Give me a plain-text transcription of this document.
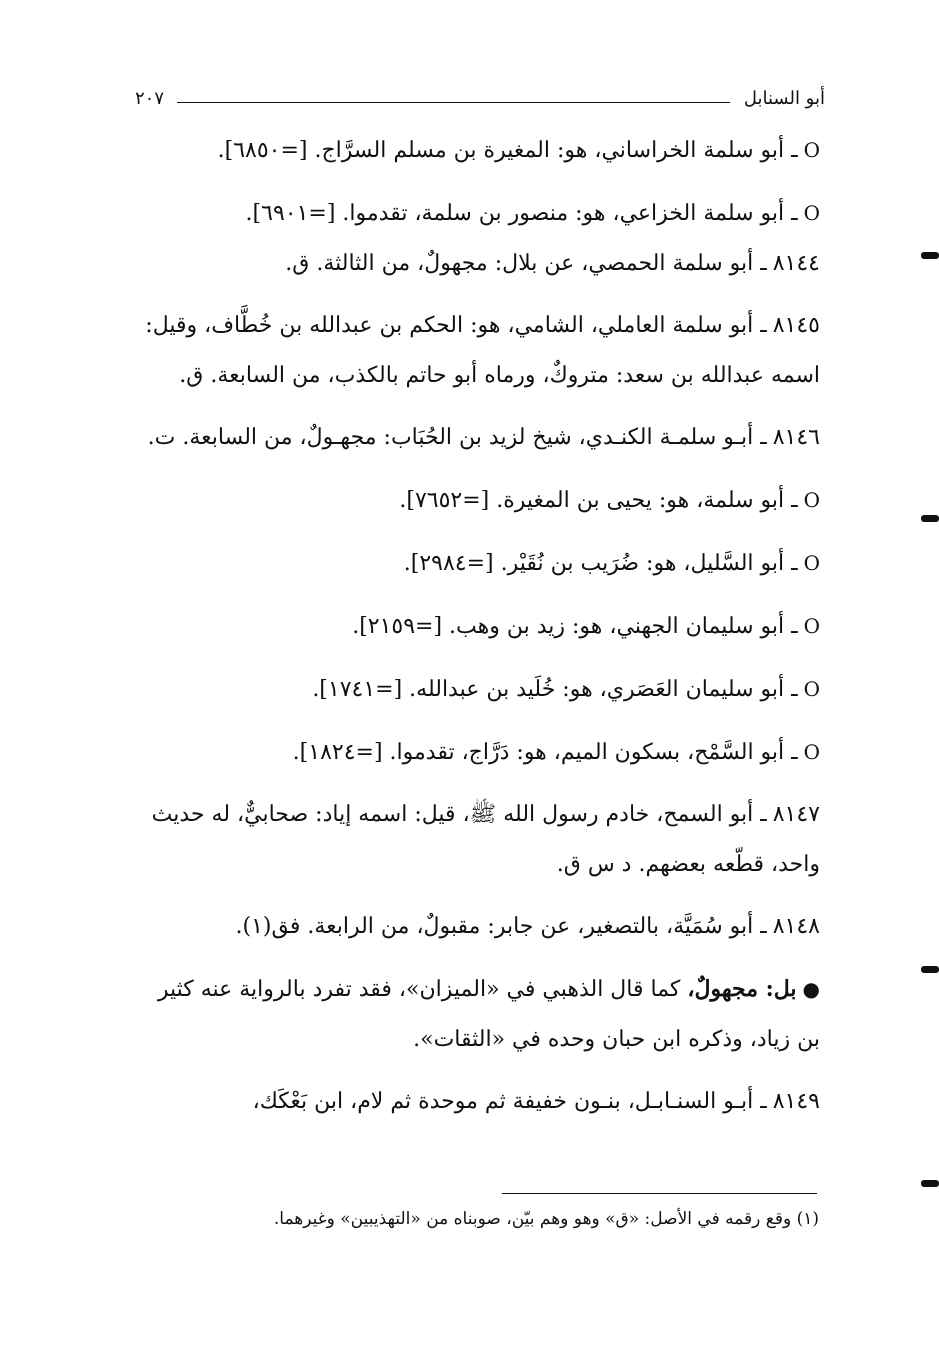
أبو السنابل
٢٠٧

Oـ أبو سلمة الخراساني، هو: المغيرة بن مسلم السرَّاج. [=٦٨٥٠].

Oـ أبو سلمة الخزاعي، هو: منصور بن سلمة، تقدموا. [=٦٩٠١].

٨١٤٤ـ أبو سلمة الحمصي، عن بلال: مجهولٌ، من الثالثة. ق.

٨١٤٥ـ أبو سلمة العاملي، الشامي، هو: الحكم بن عبدالله بن خُطَّاف، وقيل: اسمه عبدالله بن سعد: متروكٌ، ورماه أبو حاتم بالكذب، من السابعة. ق.

٨١٤٦ـ أبـو سلمـة الكنـدي، شيخ لزيد بن الحُبَاب: مجهـولٌ، من السابعة. ت.

Oـ أبو سلمة، هو: يحيى بن المغيرة. [=٧٦٥٢].

Oـ أبو السَّليل، هو: ضُرَيب بن نُقَيْر. [=٢٩٨٤].

Oـ أبو سليمان الجهني، هو: زيد بن وهب. [=٢١٥٩].

Oـ أبو سليمان العَصَري، هو: خُلَيد بن عبدالله. [=١٧٤١].

Oـ أبو السَّمْح، بسكون الميم، هو: دَرَّاج، تقدموا. [=١٨٢٤].

٨١٤٧ـ أبو السمح، خادم رسول الله ﷺ، قيل: اسمه إياد: صحابيٌّ، له حديث واحد، قطّعه بعضهم. د س ق.

٨١٤٨ـ أبو سُمَيَّة، بالتصغير، عن جابر: مقبولٌ، من الرابعة. فق(١).

●بل: مجهولٌ، كما قال الذهبي في «الميزان»، فقد تفرد بالرواية عنه كثير بن زياد، وذكره ابن حبان وحده في «الثقات».

٨١٤٩ـ أبـو السنـابـل، بنـون خفيفة ثم موحدة ثم لام، ابن بَعْكَك،

(١) وقع رقمه في الأصل: «ق» وهو وهم بيّن، صوبناه من «التهذيبين» وغيرهما.
